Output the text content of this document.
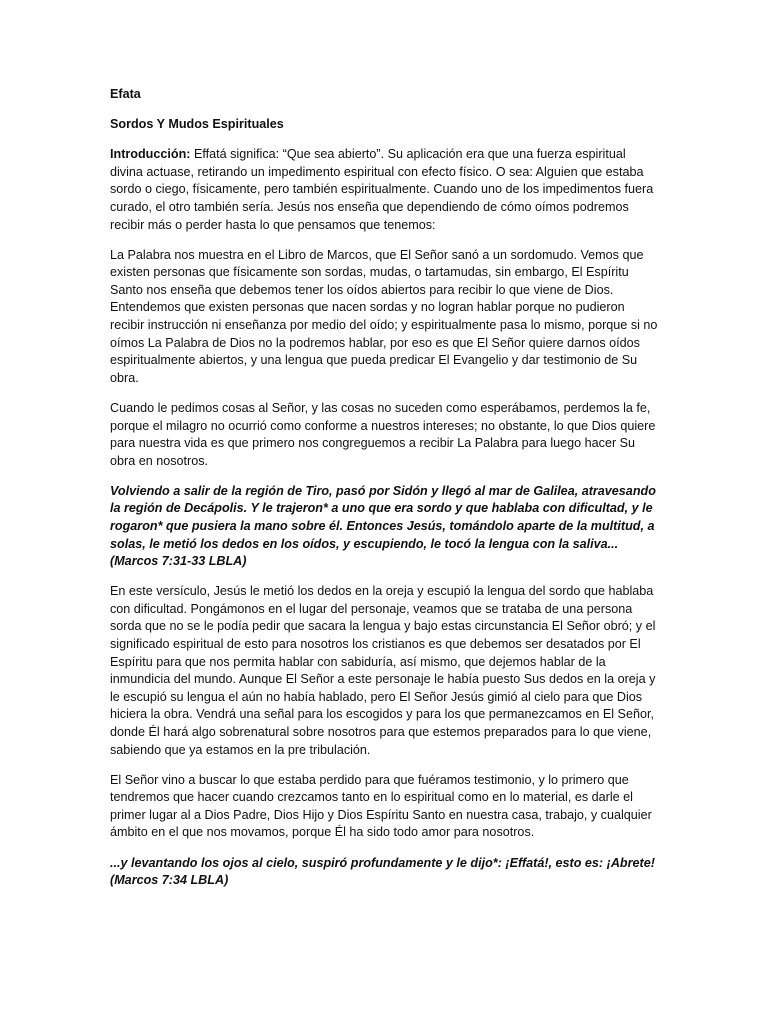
Efata

Sordos Y Mudos Espirituales

Introducción: Effatá significa: “Que sea abierto”. Su aplicación era que una fuerza espiritual divina actuase, retirando un impedimento espiritual con efecto físico. O sea: Alguien que estaba sordo o ciego, físicamente, pero también espiritualmente. Cuando uno de los impedimentos fuera curado, el otro también sería. Jesús nos enseña que dependiendo de cómo oímos podremos recibir más o perder hasta lo que pensamos que tenemos:

La Palabra nos muestra en el Libro de Marcos, que El Señor sanó a un sordomudo. Vemos que existen personas que físicamente son sordas, mudas, o tartamudas, sin embargo, El Espíritu Santo nos enseña que debemos tener los oídos abiertos para recibir lo que viene de Dios. Entendemos que existen personas que nacen sordas y no logran hablar porque no pudieron recibir instrucción ni enseñanza por medio del oído; y espiritualmente pasa lo mismo, porque si no oímos La Palabra de Dios no la podremos hablar, por eso es que El Señor quiere darnos oídos espiritualmente abiertos, y una lengua que pueda predicar El Evangelio y dar testimonio de Su obra.

Cuando le pedimos cosas al Señor, y las cosas no suceden como esperábamos, perdemos la fe, porque el milagro no ocurrió como conforme a nuestros intereses; no obstante, lo que Dios quiere para nuestra vida es que primero nos congreguemos a recibir La Palabra para luego hacer Su obra en nosotros.

Volviendo a salir de la región de Tiro, pasó por Sidón y llegó al mar de Galilea, atravesando la región de Decápolis. Y le trajeron* a uno que era sordo y que hablaba con dificultad, y le rogaron* que pusiera la mano sobre él. Entonces Jesús, tomándolo aparte de la multitud, a solas, le metió los dedos en los oídos, y escupiendo, le tocó la lengua con la saliva... (Marcos 7:31-33 LBLA)

En este versículo, Jesús le metió los dedos en la oreja y escupió la lengua del sordo que hablaba con dificultad. Pongámonos en el lugar del personaje, veamos que se trataba de una persona sorda que no se le podía pedir que sacara la lengua y bajo estas circunstancia El Señor obró; y el significado espiritual de esto para nosotros los cristianos es que debemos ser desatados por El Espíritu para que nos permita hablar con sabiduría, así mismo, que dejemos hablar de la inmundicia del mundo. Aunque El Señor a este personaje le había puesto Sus dedos en la oreja y le escupió su lengua el aún no había hablado, pero El Señor Jesús gimió al cielo para que Dios hiciera la obra. Vendrá una señal para los escogidos y para los que permanezcamos en El Señor, donde Él hará algo sobrenatural sobre nosotros para que estemos preparados para lo que viene, sabiendo que ya estamos en la pre tribulación.

El Señor vino a buscar lo que estaba perdido para que fuéramos testimonio, y lo primero que tendremos que hacer cuando crezcamos tanto en lo espiritual como en lo material, es darle el primer lugar al a Dios Padre, Dios Hijo y Dios Espíritu Santo en nuestra casa, trabajo, y cualquier ámbito en el que nos movamos, porque Él ha sido todo amor para nosotros.

...y levantando los ojos al cielo, suspiró profundamente y le dijo*: ¡Effatá!, esto es: ¡Abrete! (Marcos 7:34 LBLA)
